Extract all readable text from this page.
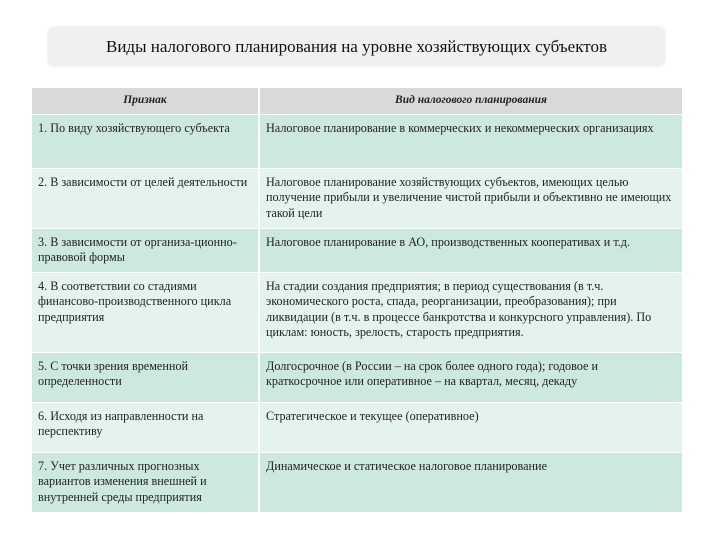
Виды налогового планирования на уровне хозяйствующих субъектов
Признак	Вид налогового планирования
1. По виду хозяйствующего субъекта	Налоговое планирование в коммерческих и некоммерческих организациях
2. В зависимости от целей деятельности	Налоговое планирование хозяйствующих субъектов, имеющих целью получение прибыли и увеличение чистой прибыли и объективно не имеющих такой цели
3. В зависимости от организа-ционно-правовой формы	Налоговое планирование в АО, производственных кооперативах и т.д.
4. В соответствии со стадиями финансово-производственного цикла предприятия	На стадии создания предприятия; в период существования (в т.ч. экономического роста, спада, реорганизации, преобразования); при ликвидации (в т.ч. в процессе банкротства и конкурсного управления). По циклам: юность, зрелость, старость предприятия.
5. С точки зрения временной определенности	Долгосрочное (в России – на срок более одного года); годовое и краткосрочное или оперативное – на квартал, месяц, декаду
6. Исходя из направленности на перспективу	Стратегическое и текущее (оперативное)
7. Учет различных прогнозных вариантов изменения внешней и внутренней среды предприятия	Динамическое и статическое налоговое планирование
